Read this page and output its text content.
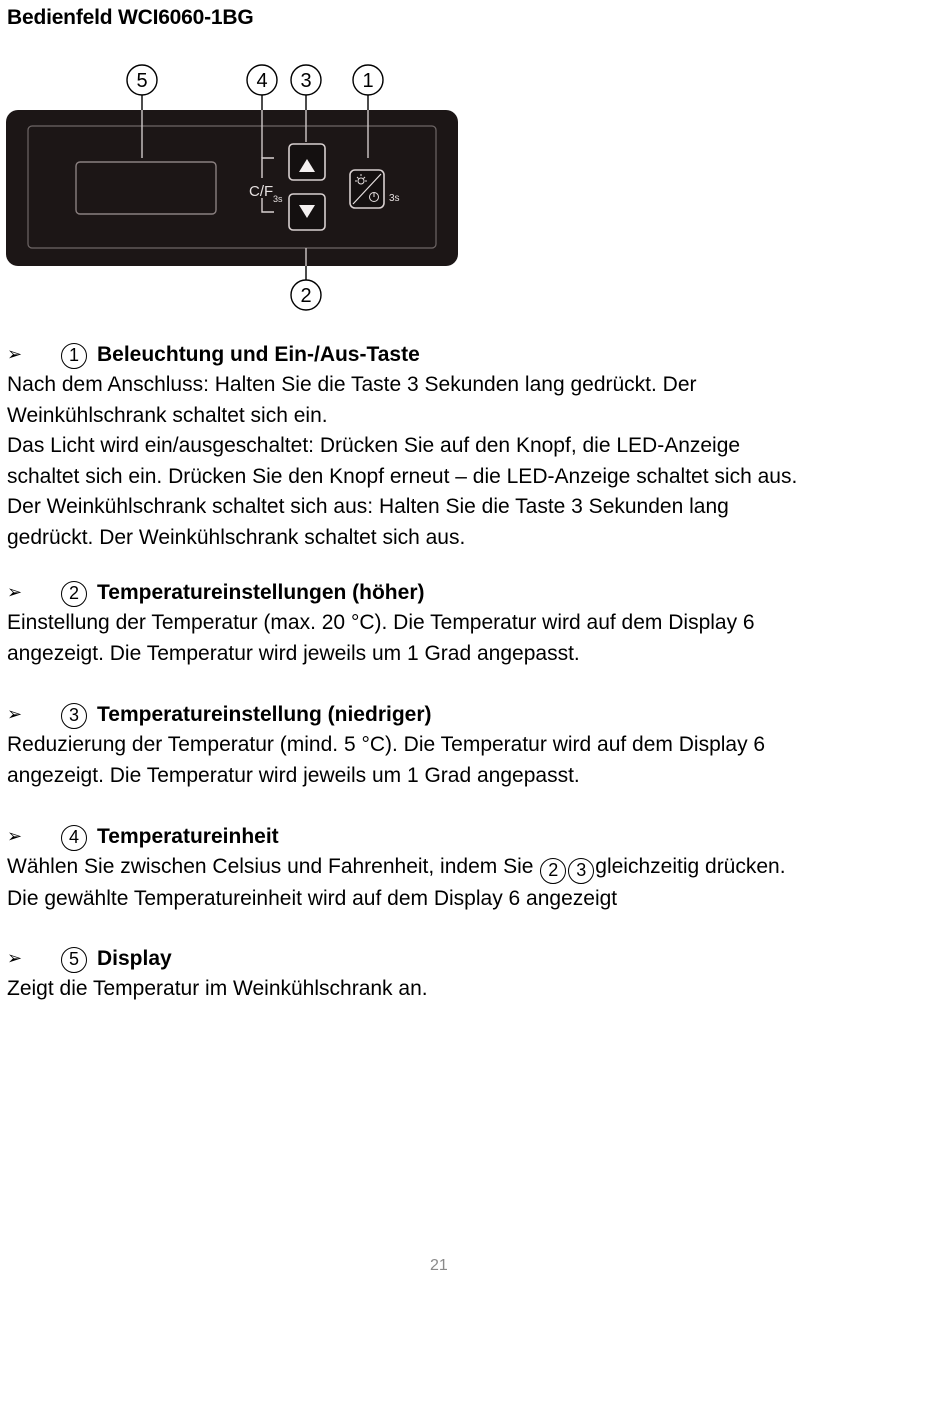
Bedienfeld WCI6060-1BG
C/F 3s	3s
5	4 3	1
2
➢	1 Beleuchtung und Ein-/Aus-Taste

Nach dem Anschluss: Halten Sie die Taste 3 Sekunden lang gedrückt. Der
Weinkühlschrank schaltet sich ein.
Das Licht wird ein/ausgeschaltet: Drücken Sie auf den Knopf, die LED-Anzeige
schaltet sich ein. Drücken Sie den Knopf erneut – die LED-Anzeige schaltet sich aus.
Der Weinkühlschrank schaltet sich aus: Halten Sie die Taste 3 Sekunden lang
gedrückt. Der Weinkühlschrank schaltet sich aus.

➢	2 Temperatureinstellungen (höher)

Einstellung der Temperatur (max. 20 °C). Die Temperatur wird auf dem Display 6
angezeigt. Die Temperatur wird jeweils um 1 Grad angepasst.

➢	3 Temperatureinstellung (niedriger)

Reduzierung der Temperatur (mind. 5 °C). Die Temperatur wird auf dem Display 6
angezeigt. Die Temperatur wird jeweils um 1 Grad angepasst.

➢	4 Temperatureinheit

Wählen Sie zwischen Celsius und Fahrenheit, indem Sie 2 3 gleichzeitig drücken.
Die gewählte Temperatureinheit wird auf dem Display 6 angezeigt

➢	5 Display

Zeigt die Temperatur im Weinkühlschrank an.

21
